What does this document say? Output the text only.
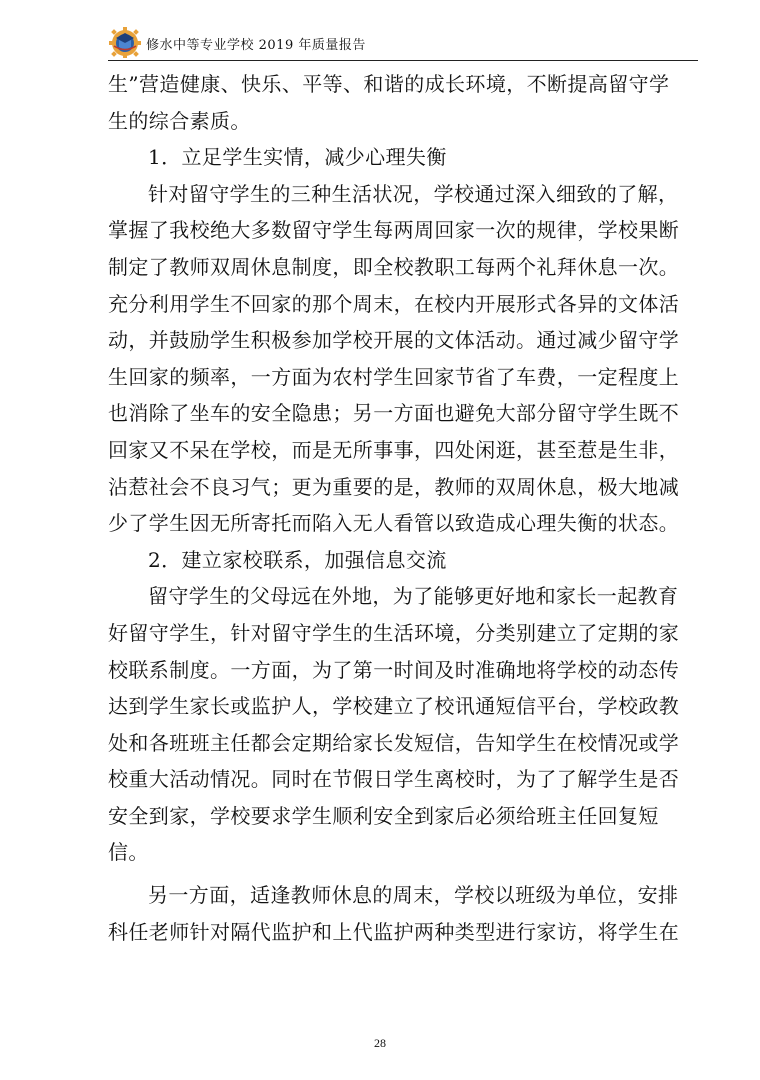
修水中等专业学校 2019 年质量报告
生”营造健康、快乐、平等、和谐的成长环境，不断提高留守学
生的综合素质。
1．立足学生实情，减少心理失衡
针对留守学生的三种生活状况，学校通过深入细致的了解，
掌握了我校绝大多数留守学生每两周回家一次的规律，学校果断
制定了教师双周休息制度，即全校教职工每两个礼拜休息一次。
充分利用学生不回家的那个周末，在校内开展形式各异的文体活
动，并鼓励学生积极参加学校开展的文体活动。通过减少留守学
生回家的频率，一方面为农村学生回家节省了车费，一定程度上
也消除了坐车的安全隐患；另一方面也避免大部分留守学生既不
回家又不呆在学校，而是无所事事，四处闲逛，甚至惹是生非，
沾惹社会不良习气；更为重要的是，教师的双周休息，极大地减
少了学生因无所寄托而陷入无人看管以致造成心理失衡的状态。
2．建立家校联系，加强信息交流
留守学生的父母远在外地，为了能够更好地和家长一起教育
好留守学生，针对留守学生的生活环境，分类别建立了定期的家
校联系制度。一方面，为了第一时间及时准确地将学校的动态传
达到学生家长或监护人，学校建立了校讯通短信平台，学校政教
处和各班班主任都会定期给家长发短信，告知学生在校情况或学
校重大活动情况。同时在节假日学生离校时，为了了解学生是否
安全到家，学校要求学生顺利安全到家后必须给班主任回复短
信。
另一方面，适逢教师休息的周末，学校以班级为单位，安排
科任老师针对隔代监护和上代监护两种类型进行家访，将学生在
28
